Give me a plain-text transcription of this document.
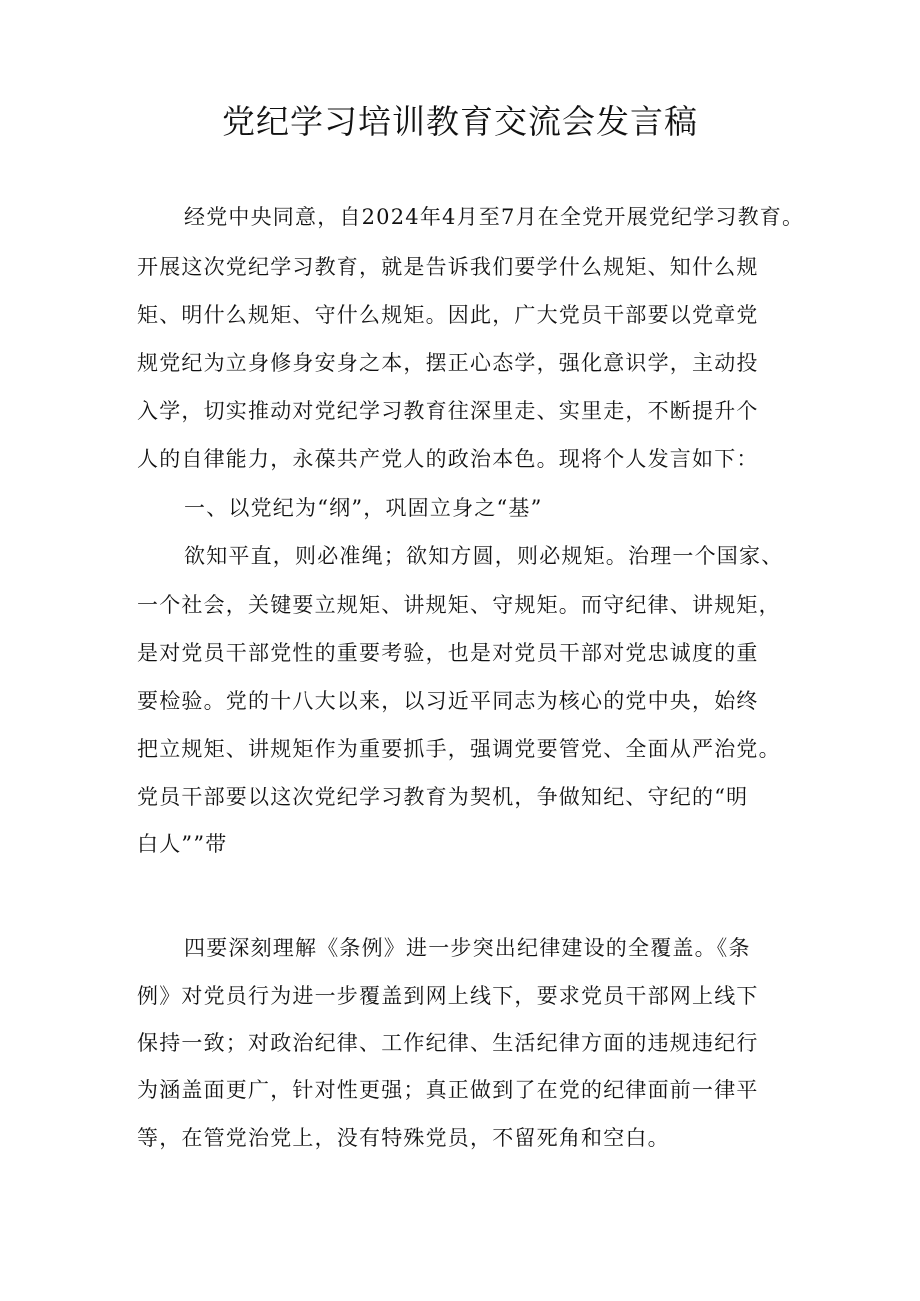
党纪学习培训教育交流会发言稿

经党中央同意，自2024年4月至7月在全党开展党纪学习教育。

开展这次党纪学习教育，就是告诉我们要学什么规矩、知什么规

矩、明什么规矩、守什么规矩。因此，广大党员干部要以党章党

规党纪为立身修身安身之本，摆正心态学，强化意识学，主动投

入学，切实推动对党纪学习教育往深里走、实里走，不断提升个

人的自律能力，永葆共产党人的政治本色。现将个人发言如下：

一、以党纪为“纲”，巩固立身之“基”

欲知平直，则必准绳；欲知方圆，则必规矩。治理一个国家、

一个社会，关键要立规矩、讲规矩、守规矩。而守纪律、讲规矩，

是对党员干部党性的重要考验，也是对党员干部对党忠诚度的重

要检验。党的十八大以来，以习近平同志为核心的党中央，始终

把立规矩、讲规矩作为重要抓手，强调党要管党、全面从严治党。

党员干部要以这次党纪学习教育为契机，争做知纪、守纪的“明

白人””带

四要深刻理解《条例》进一步突出纪律建设的全覆盖。《条

例》对党员行为进一步覆盖到网上线下，要求党员干部网上线下

保持一致；对政治纪律、工作纪律、生活纪律方面的违规违纪行

为涵盖面更广，针对性更强；真正做到了在党的纪律面前一律平

等，在管党治党上，没有特殊党员，不留死角和空白。
